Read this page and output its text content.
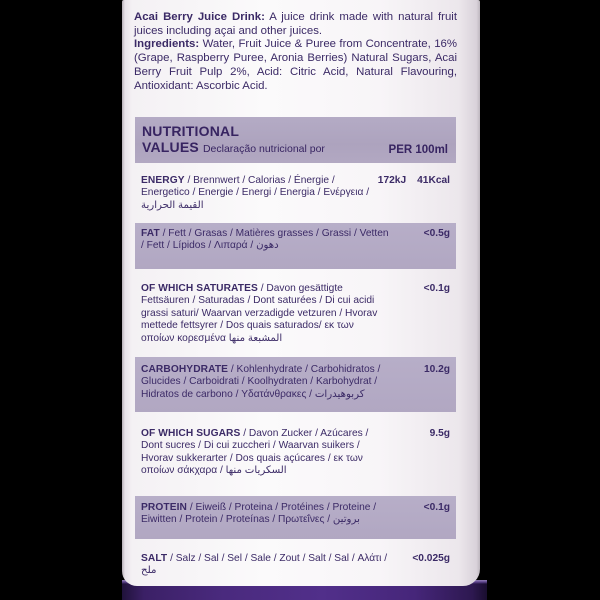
Acai Berry Juice Drink: A juice drink made with natural fruit juices including açai and other juices.
Ingredients: Water, Fruit Juice & Puree from Concentrate, 16% (Grape, Raspberry Puree, Aronia Berries) Natural Sugars, Acai Berry Fruit Pulp 2%, Acid: Citric Acid, Natural Flavouring, Antioxidant: Ascorbic Acid.
NUTRITIONAL
VALUES Declaração nutricional por	PER 100ml
ENERGY / Brennwert / Calorias / Énergie / Energetico / Energie / Energi / Energia / Ενέργεια / القيمة الحرارية
172kJ 41Kcal
FAT / Fett / Grasas / Matières grasses / Grassi / Vetten / Fett / Lípidos / Λιπαρά / دهون
<0.5g
OF WHICH SATURATES / Davon gesättigte Fettsäuren / Saturadas / Dont saturées / Di cui acidi grassi saturi/ Waarvan verzadigde vetzuren / Hvorav mettede fettsyrer / Dos quais saturados/ εκ των οποίων κορεσμένα المشبعة منها
<0.1g
CARBOHYDRATE / Kohlenhydrate / Carbohidratos / Glucides / Carboidrati / Koolhydraten / Karbohydrat / Hidratos de carbono / Υδατάνθρακες / كربوهيدرات
10.2g
OF WHICH SUGARS / Davon Zucker / Azúcares / Dont sucres / Di cui zuccheri / Waarvan suikers / Hvorav sukkerarter / Dos quais açúcares / εκ των οποίων σάκχαρα / السكريات منها
9.5g
PROTEIN / Eiweiß / Proteina / Protéines / Proteine / Eiwitten / Protein / Proteínas / Πρωτεΐνες / بروتين
<0.1g
SALT / Salz / Sal / Sel / Sale / Zout / Salt / Sal / Αλάτι / ملح
<0.025g
